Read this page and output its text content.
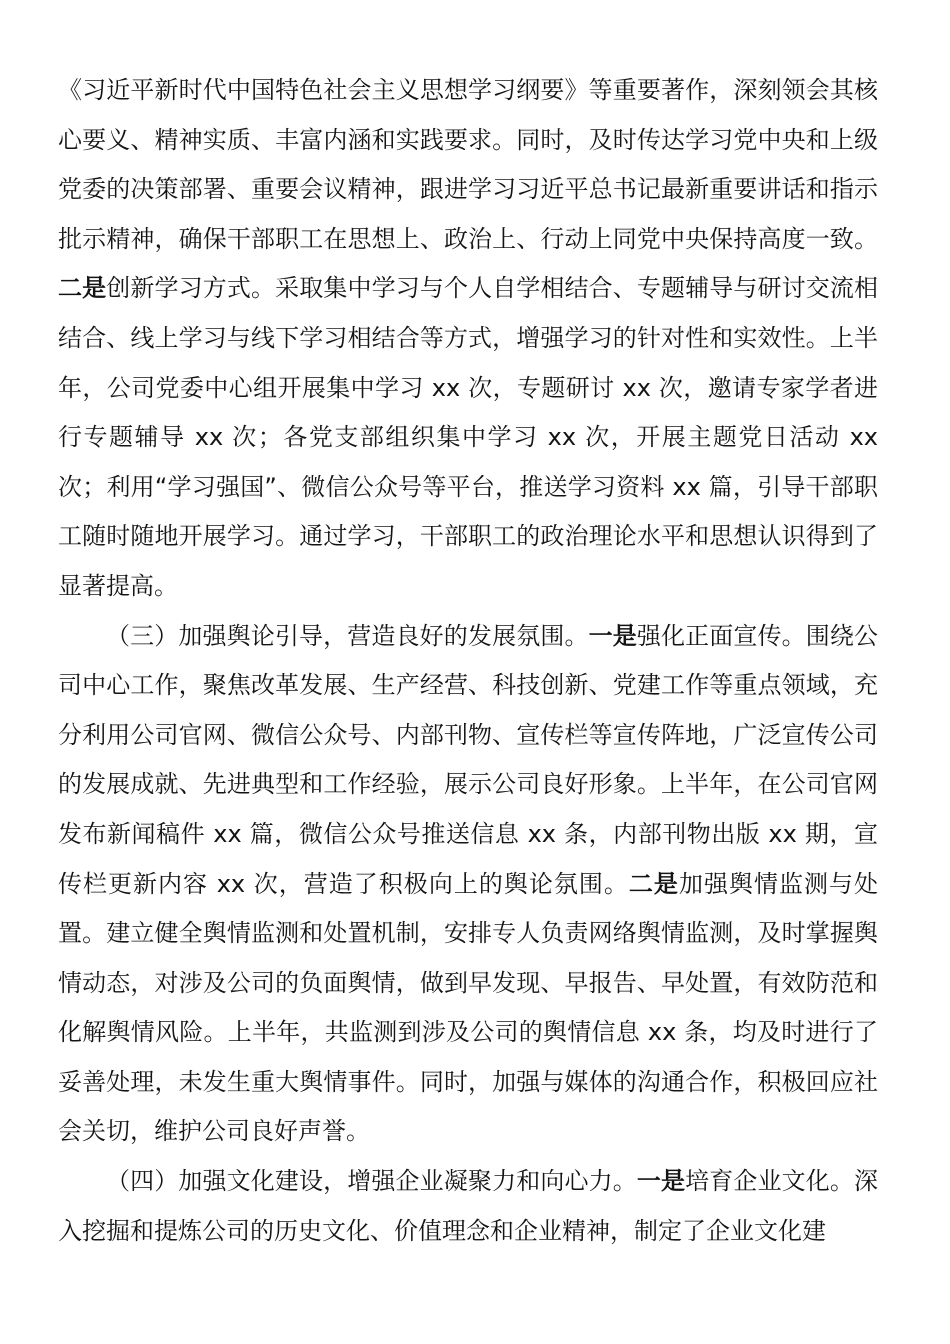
《习近平新时代中国特色社会主义思想学习纲要》等重要著作，深刻领会其核心要义、精神实质、丰富内涵和实践要求。同时，及时传达学习党中央和上级党委的决策部署、重要会议精神，跟进学习习近平总书记最新重要讲话和指示批示精神，确保干部职工在思想上、政治上、行动上同党中央保持高度一致。二是创新学习方式。采取集中学习与个人自学相结合、专题辅导与研讨交流相结合、线上学习与线下学习相结合等方式，增强学习的针对性和实效性。上半年，公司党委中心组开展集中学习 xx 次，专题研讨 xx 次，邀请专家学者进行专题辅导 xx 次；各党支部组织集中学习 xx 次，开展主题党日活动 xx 次；利用“学习强国”、微信公众号等平台，推送学习资料 xx 篇，引导干部职工随时随地开展学习。通过学习，干部职工的政治理论水平和思想认识得到了显著提高。

（三）加强舆论引导，营造良好的发展氛围。一是强化正面宣传。围绕公司中心工作，聚焦改革发展、生产经营、科技创新、党建工作等重点领域，充分利用公司官网、微信公众号、内部刊物、宣传栏等宣传阵地，广泛宣传公司的发展成就、先进典型和工作经验，展示公司良好形象。上半年，在公司官网发布新闻稿件 xx 篇，微信公众号推送信息 xx 条，内部刊物出版 xx 期，宣传栏更新内容 xx 次，营造了积极向上的舆论氛围。二是加强舆情监测与处置。建立健全舆情监测和处置机制，安排专人负责网络舆情监测，及时掌握舆情动态，对涉及公司的负面舆情，做到早发现、早报告、早处置，有效防范和化解舆情风险。上半年，共监测到涉及公司的舆情信息 xx 条，均及时进行了妥善处理，未发生重大舆情事件。同时，加强与媒体的沟通合作，积极回应社会关切，维护公司良好声誉。

（四）加强文化建设，增强企业凝聚力和向心力。一是培育企业文化。深入挖掘和提炼公司的历史文化、价值理念和企业精神，制定了企业文化建
